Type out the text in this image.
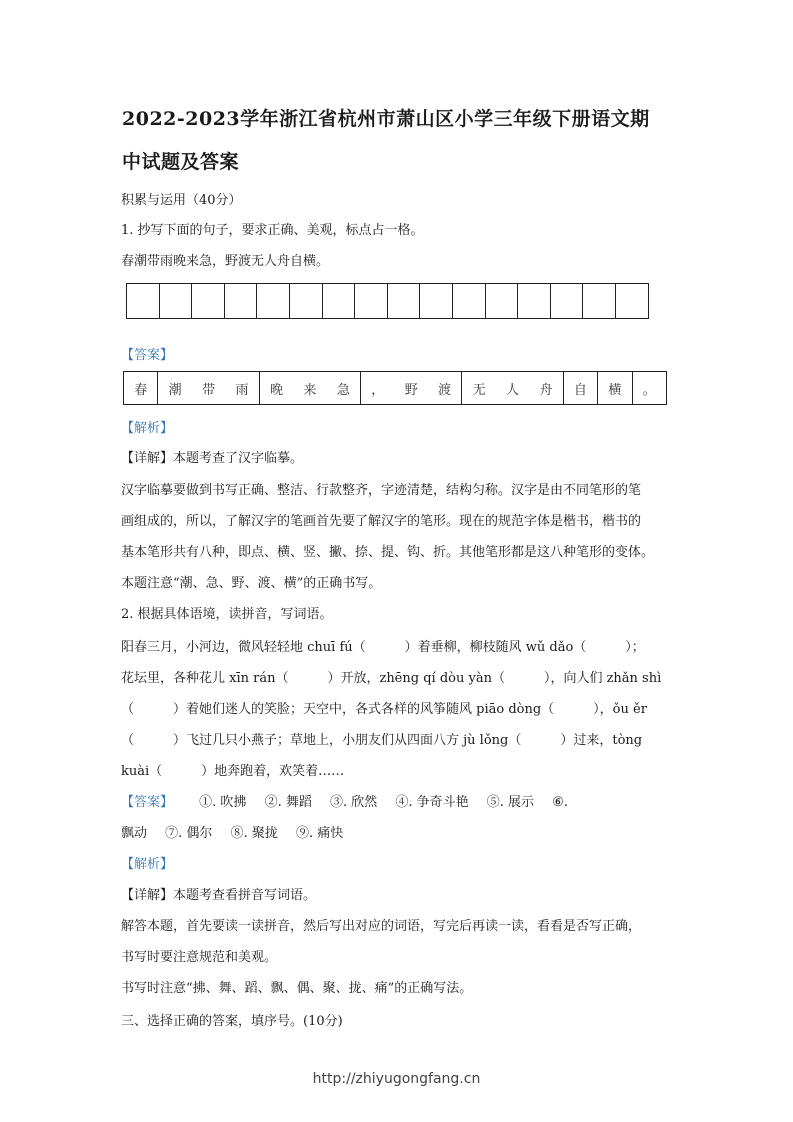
2022-2023学年浙江省杭州市萧山区小学三年级下册语文期
中试题及答案
积累与运用（40分）
1. 抄写下面的句子，要求正确、美观，标点占一格。
春潮带雨晚来急，野渡无人舟自横。
【答案】
春	潮	带	雨	晚	来	急	，	野	渡	无	人	舟	自	横	。
【解析】
【详解】本题考查了汉字临摹。
汉字临摹要做到书写正确、整洁、行款整齐，字迹清楚，结构匀称。汉字是由不同笔形的笔
画组成的，所以，了解汉字的笔画首先要了解汉字的笔形。现在的规范字体是楷书，楷书的
基本笔形共有八种，即点、横、竖、撇、捺、提、钩、折。其他笔形都是这八种笔形的变体。
本题注意“潮、急、野、渡、横”的正确书写。
2. 根据具体语境，读拼音，写词语。
阳春三月，小河边，微风轻轻地 chuī fú（　　　）着垂柳，柳枝随风 wǔ dǎo（　　　）；
花坛里，各种花儿 xīn rán（　　　）开放，zhēng qí dòu yàn（　　　），向人们 zhǎn shì
（　　　）着她们迷人的笑脸；天空中，各式各样的风筝随风 piāo dòng（　　　），ǒu ěr
（　　　）飞过几只小燕子；草地上，小朋友们从四面八方 jù lǒng（　　　）过来，tòng
kuài（　　　）地奔跑着，欢笑着……
【答案】 ①. 吹拂 ②. 舞蹈 ③. 欣然 ④. 争奇斗艳 ⑤. 展示 ⑥.
飘动 ⑦. 偶尔 ⑧. 聚拢 ⑨. 痛快
【解析】
【详解】本题考查看拼音写词语。
解答本题，首先要读一读拼音，然后写出对应的词语，写完后再读一读，看看是否写正确，
书写时要注意规范和美观。
书写时注意“拂、舞、蹈、飘、偶、聚、拢、痛”的正确写法。
三、选择正确的答案，填序号。(10分)
http://zhiyugongfang.cn
